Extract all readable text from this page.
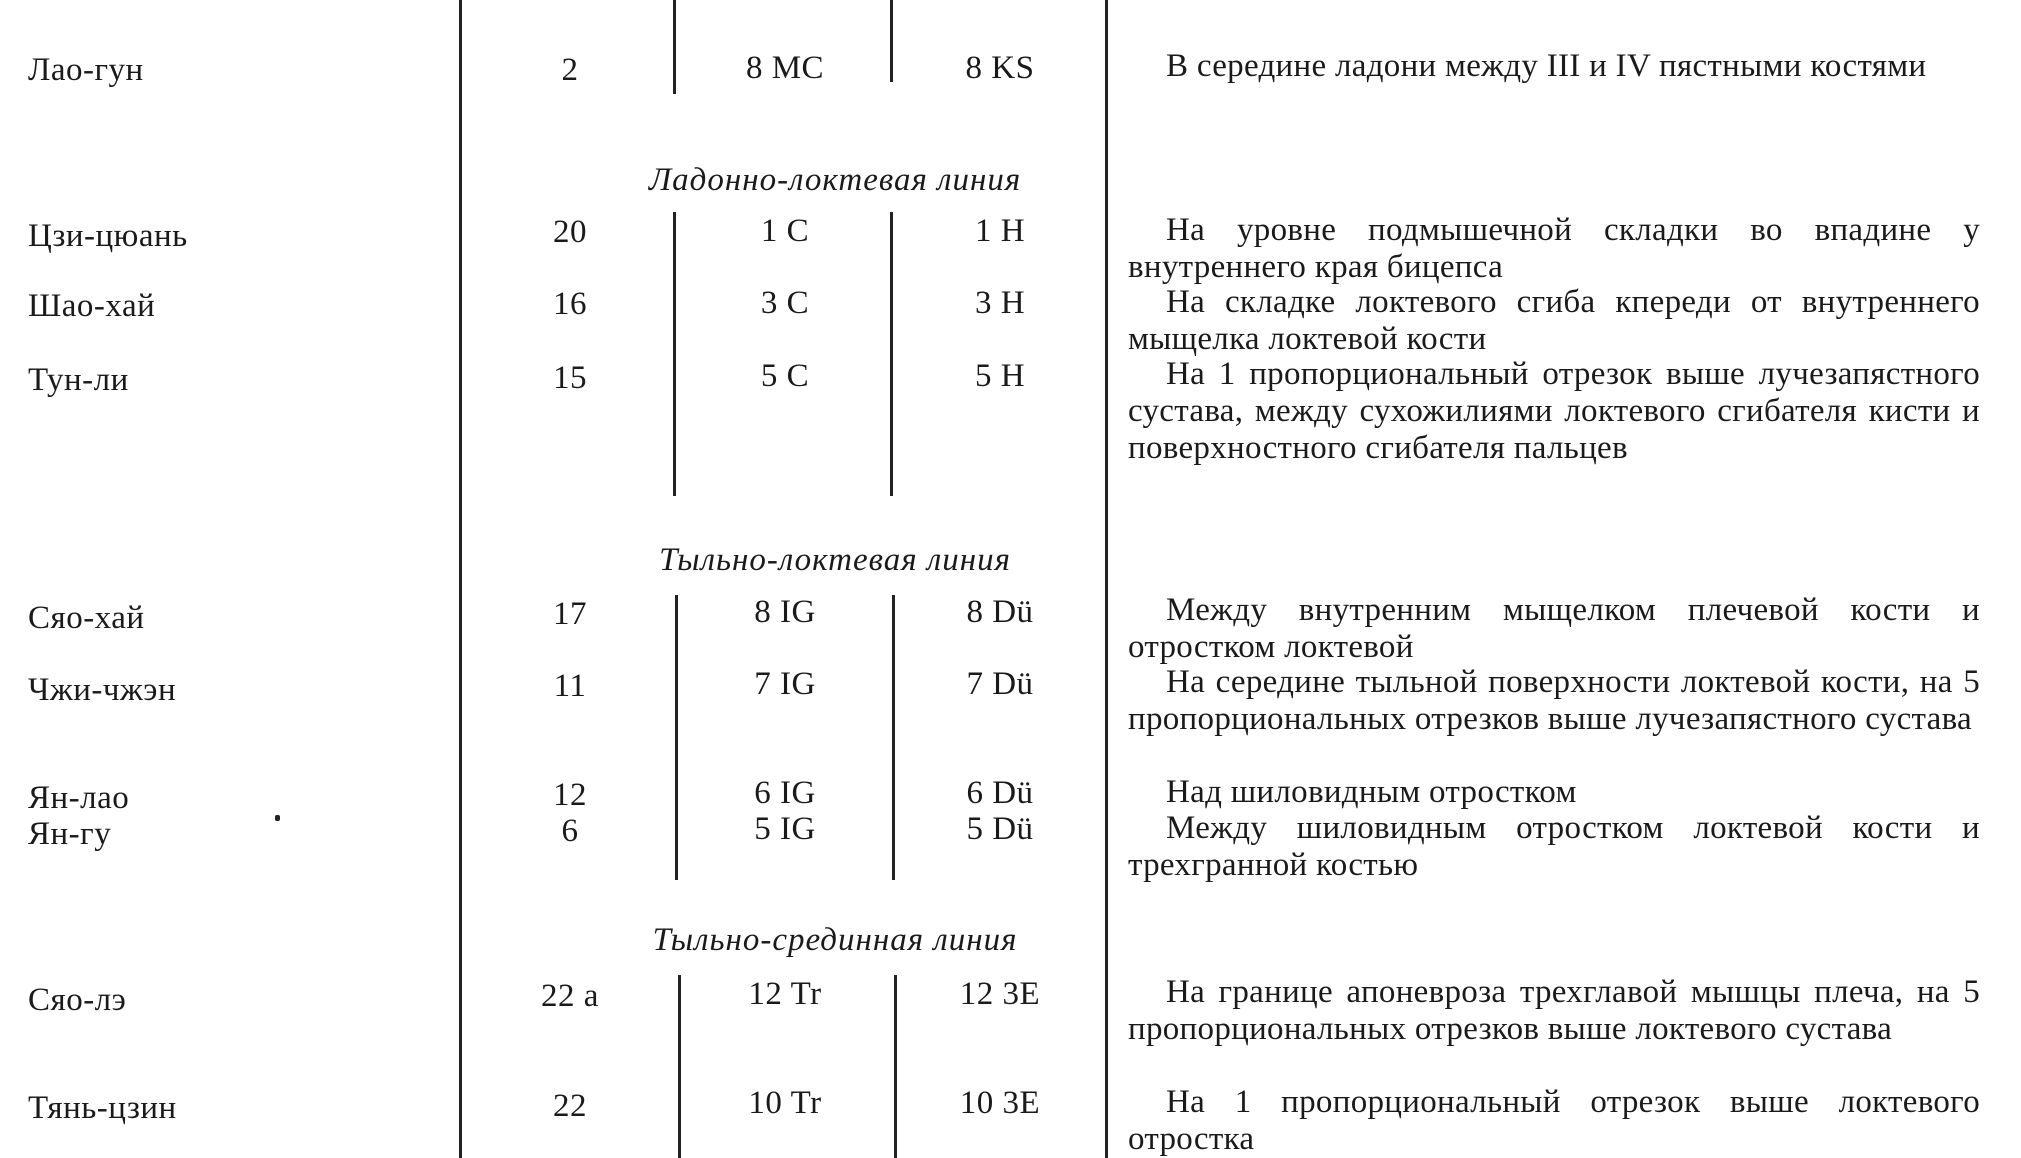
Лао-гун	2	8 MC	8 KS	В середине ладони между III и IV пястными костями
Ладонно-локтевая линия
Цзи-цюань	20	1 C	1 H	На уровне подмышечной складки во впадине у внутреннего края бицепса
Шао-хай	16	3 C	3 H	На складке локтевого сгиба кпереди от внутреннего мыщелка локтевой кости
Тун-ли	15	5 C	5 H	На 1 пропорциональный отрезок выше лучезапястного сустава, между сухожилиями локтевого сгибателя кисти и поверхностного сгибателя пальцев
Тыльно-локтевая линия
Сяо-хай	17	8 IG	8 Dü	Между внутренним мыщелком плечевой кости и отростком локтевой
Чжи-чжэн	11	7 IG	7 Dü	На середине тыльной поверхности локтевой кости, на 5 пропорциональных отрезков выше лучезапястного сустава
Ян-лао	12	6 IG	6 Dü	Над шиловидным отростком
Ян-гу	6	5 IG	5 Dü	Между шиловидным отростком локтевой кости и трехгранной костью
Тыльно-срединная линия
Сяо-лэ	22 а	12 Tr	12 3E	На границе апоневроза трехглавой мышцы плеча, на 5 пропорциональных отрезков выше локтевого сустава
Тянь-цзин	22	10 Tr	10 3E	На 1 пропорциональный отрезок выше локтевого отростка
